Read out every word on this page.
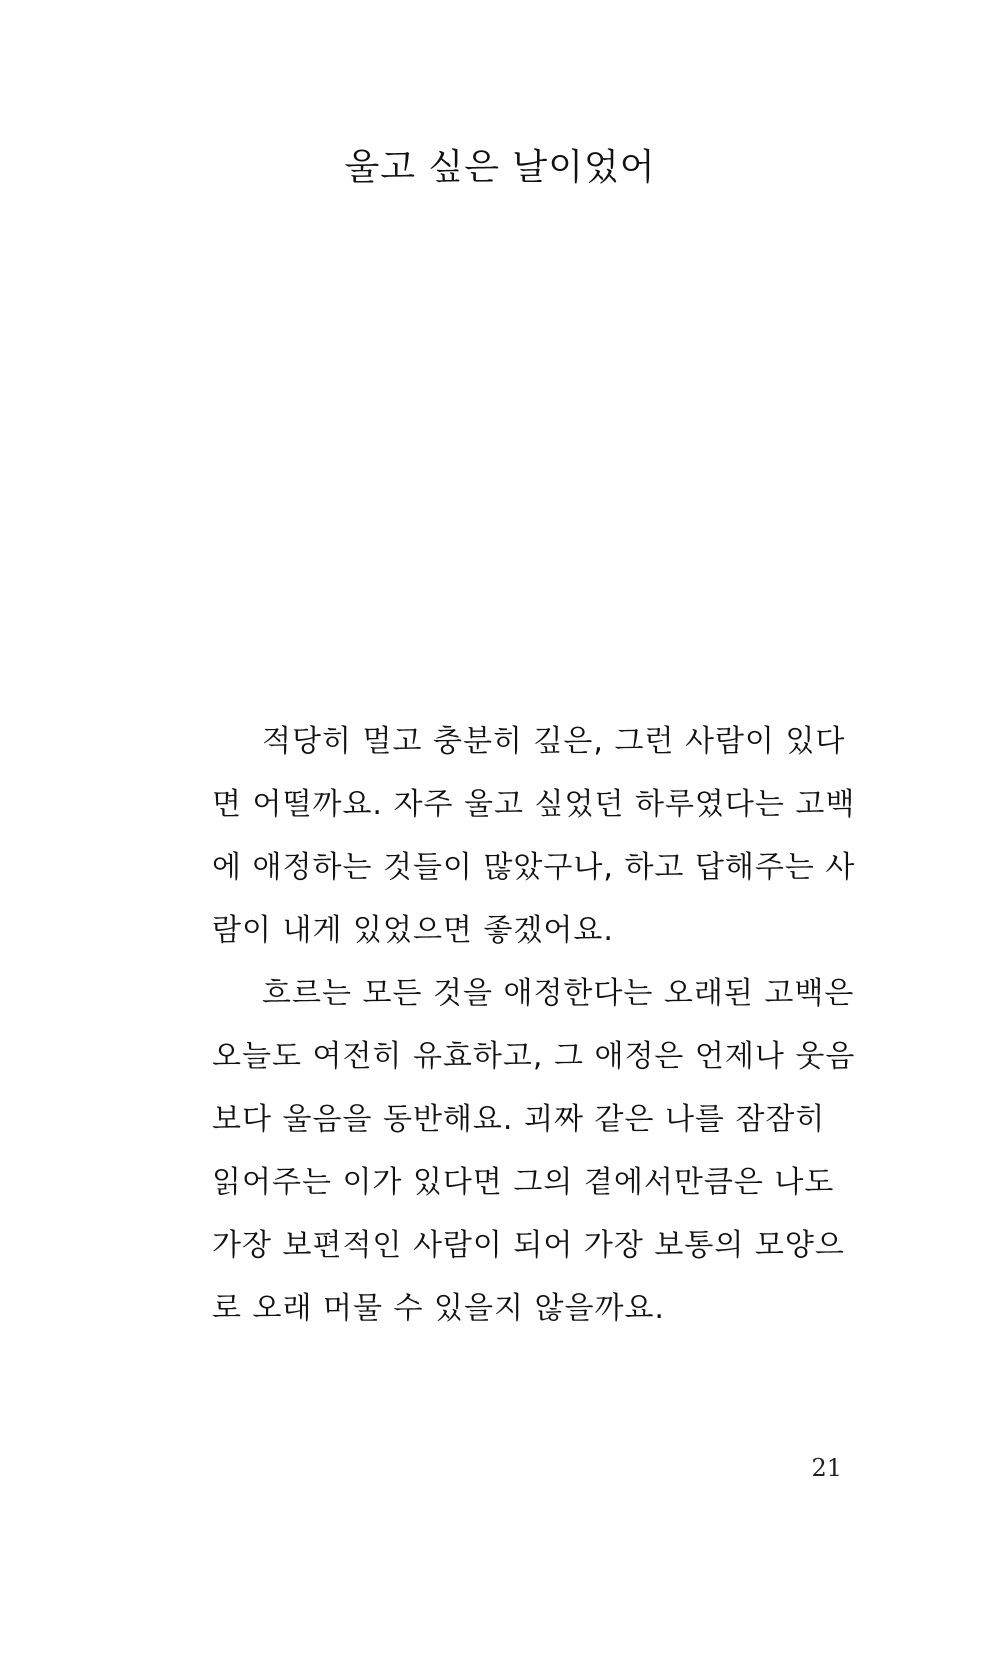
울고 싶은 날이었어
적당히 멀고 충분히 깊은, 그런 사람이 있다
면 어떨까요. 자주 울고 싶었던 하루였다는 고백
에 애정하는 것들이 많았구나, 하고 답해주는 사
람이 내게 있었으면 좋겠어요.
흐르는 모든 것을 애정한다는 오래된 고백은
오늘도 여전히 유효하고, 그 애정은 언제나 웃음
보다 울음을 동반해요. 괴짜 같은 나를 잠잠히
읽어주는 이가 있다면 그의 곁에서만큼은 나도
가장 보편적인 사람이 되어 가장 보통의 모양으
로 오래 머물 수 있을지 않을까요.
21
